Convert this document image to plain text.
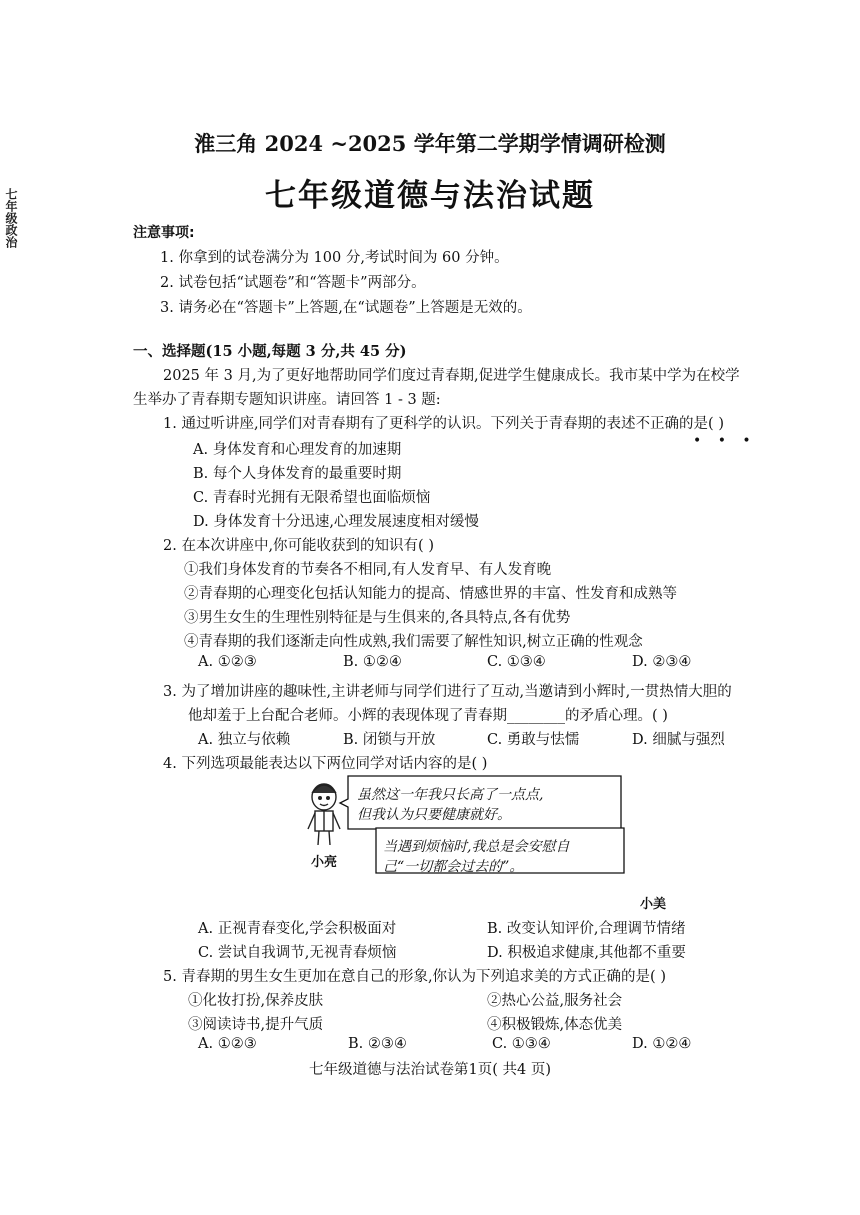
七年级政治
淮三角 2024 ~2025 学年第二学期学情调研检测
七年级道德与法治试题
注意事项:
1. 你拿到的试卷满分为 100 分,考试时间为 60 分钟。
2. 试卷包括“试题卷”和“答题卡”两部分。
3. 请务必在“答题卡”上答题,在“试题卷”上答题是无效的。
一、选择题(15 小题,每题 3 分,共 45 分)
2025 年 3 月,为了更好地帮助同学们度过青春期,促进学生健康成长。我市某中学为在校学
生举办了青春期专题知识讲座。请回答 1 - 3 题:
1. 通过听讲座,同学们对青春期有了更科学的认识。下列关于青春期的表述不正确的是( )
• • •
A. 身体发育和心理发育的加速期
B. 每个人身体发育的最重要时期
C. 青春时光拥有无限希望也面临烦恼
D. 身体发育十分迅速,心理发展速度相对缓慢
2. 在本次讲座中,你可能收获到的知识有( )
①我们身体发育的节奏各不相同,有人发育早、有人发育晚
②青春期的心理变化包括认知能力的提高、情感世界的丰富、性发育和成熟等
③男生女生的生理性别特征是与生俱来的,各具特点,各有优势
④青春期的我们逐渐走向性成熟,我们需要了解性知识,树立正确的性观念
A. ①②③	B. ①②④	C. ①③④	D. ②③④
3. 为了增加讲座的趣味性,主讲老师与同学们进行了互动,当邀请到小辉时,一贯热情大胆的
他却羞于上台配合老师。小辉的表现体现了青春期________的矛盾心理。( )
A. 独立与依赖	B. 闭锁与开放	C. 勇敢与怯懦	D. 细腻与强烈
4. 下列选项最能表达以下两位同学对话内容的是( )
虽然这一年我只长高了一点点,
但我认为只要健康就好。
当遇到烦恼时,我总是会安慰自
己“一切都会过去的”。
小亮
小美
A. 正视青春变化,学会积极面对	B. 改变认知评价,合理调节情绪
C. 尝试自我调节,无视青春烦恼	D. 积极追求健康,其他都不重要
5. 青春期的男生女生更加在意自己的形象,你认为下列追求美的方式正确的是( )
①化妆打扮,保养皮肤	②热心公益,服务社会
③阅读诗书,提升气质	④积极锻炼,体态优美
A. ①②③	B. ②③④	C. ①③④	D. ①②④
七年级道德与法治试卷第1页( 共4 页)
